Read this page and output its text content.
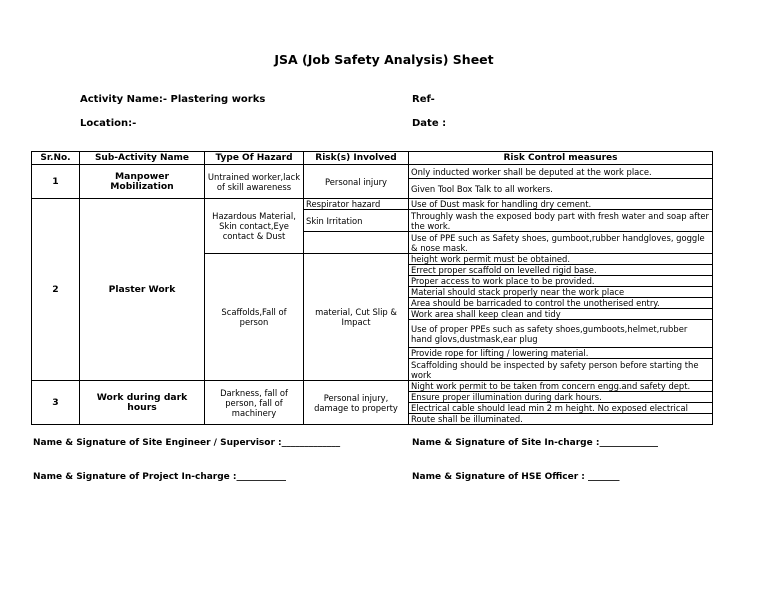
JSA (Job Safety Analysis) Sheet
Activity Name:- Plastering works	Ref-
Location:-	Date :
Sr.No.	Sub-Activity Name	Type Of Hazard	Risk(s) Involved	Risk Control measures
1	Manpower Mobilization	Untrained worker,lack of skill awareness	Personal injury	Only inducted worker shall be deputed at the work place.
				Given Tool Box Talk to all workers.
2	Plaster Work	Hazardous Material, Skin contact,Eye contact & Dust	Respirator hazard	Use of Dust mask for handling dry cement.
			Skin Irritation	Throughly wash the exposed body part with fresh water and soap after the work.
				Use of PPE such as Safety shoes, gumboot,rubber handgloves, goggle & nose mask.
		Scaffolds,Fall of person	material, Cut Slip & Impact	height work permit must be obtained.
				Errect proper scaffold on levelled rigid base.
				Proper access to work place to be provided.
				Material should stack properly near the work place
				Area should be barricaded to control the unotherised entry.
				Work area shall keep clean and tidy
				Use of proper PPEs such as safety shoes,gumboots,helmet,rubber hand glovs,dustmask,ear plug
				Provide rope for lifting / lowering material.
				Scaffolding should be inspected by safety person before starting the work
3	Work during dark hours	Darkness, fall of person, fall of machinery	Personal injury, damage to property	Night work permit to be taken from concern engg.and safety dept.
				Ensure proper illumination during dark hours.
				Electrical cable should lead min 2 m height. No exposed electrical
				Route shall be illuminated.
Name & Signature of Site Engineer / Supervisor :_____________	Name & Signature of Site In-charge :_____________
Name & Signature of Project In-charge :___________	Name & Signature of HSE Officer : _______
